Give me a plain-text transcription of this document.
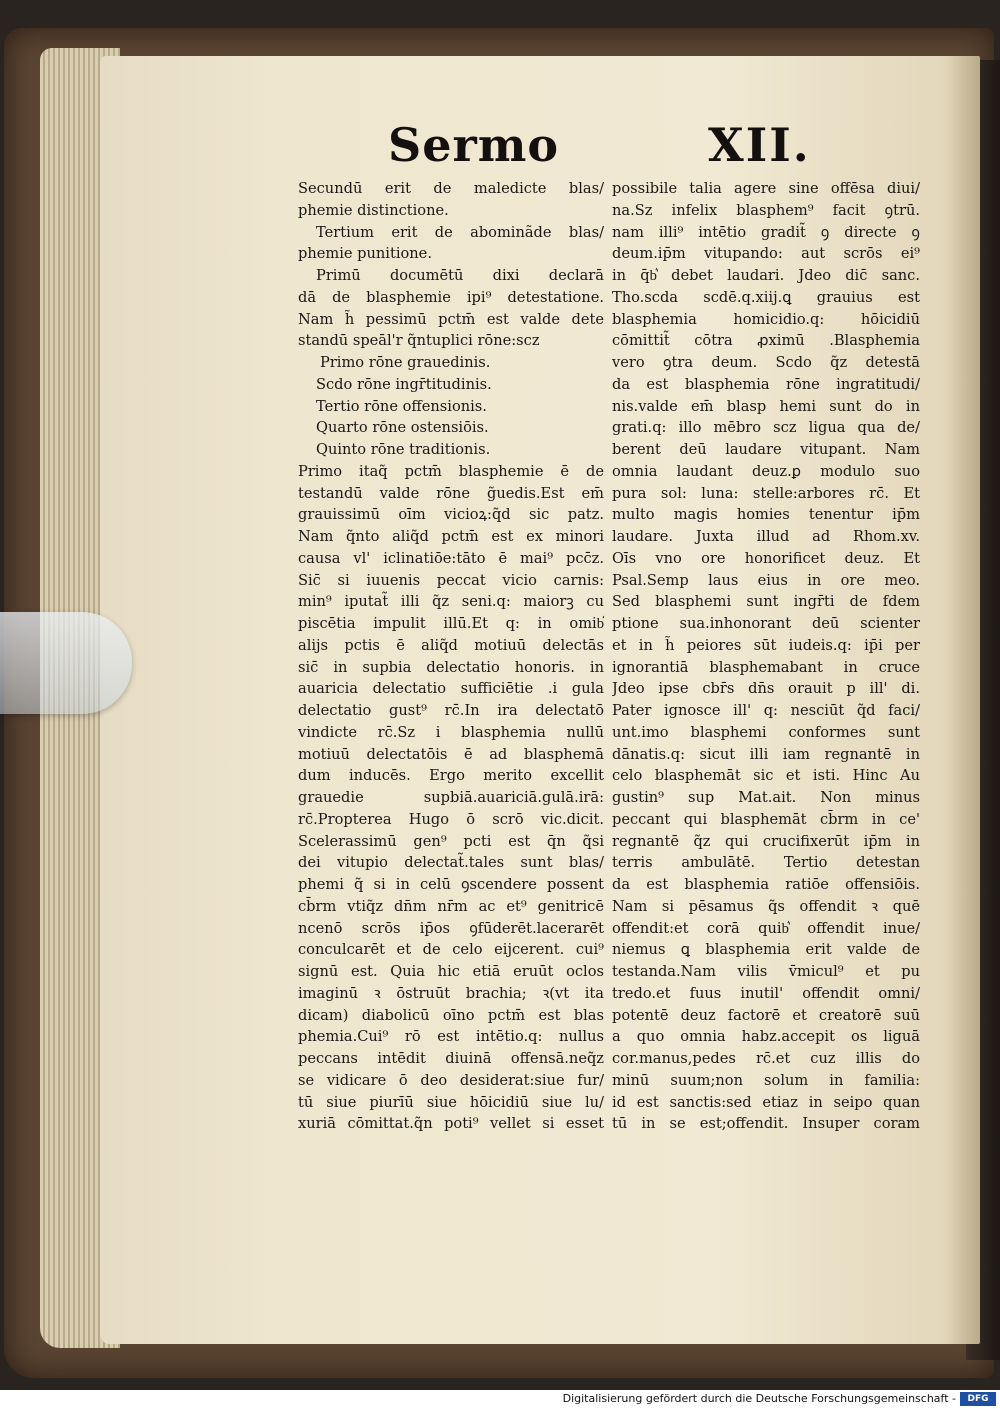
Sermo	XII.
Secundū erit de maledicte blas/
phemie distinctione.
Tertium erit de abominãde blas/
phemie punitione.
Primū documētū dixi declarā
dā de blasphemie ipi⁹ detestatione.
Nam h̃ pessimū pctm̄ est valde dete
standū speāl'r q̃ntuplici rōne:scz
Primo rōne grauedinis.
Scdo rōne ingr̄titudinis.
Tertio rōne offensionis.
Quarto rōne ostensiōis.
Quinto rōne traditionis.
Primo itaq̃ pctm̄ blasphemie ē de
testandū valde rōne g̃uedis.Est em̄
grauissimū oīm vicioꝝ:q̃d sic patz.
Nam q̃nto aliq̃d pctm̄ est ex minori
causa vl' iclinatiōe:tāto ē mai⁹ pcc̄z.
Sic̄ si iuuenis peccat vicio carnis:
min⁹ iputat̃ illi q̃z seni.q: maiorꝫ cu
piscētia impulit illū.Et q: in omib͛
alijs pctis ē aliq̃d motiuū delectās
sic̄ in supbia delectatio honoris. in
auaricia delectatio sufficiētie .i gula
delectatio gust⁹ rc̄.In ira delectatō
vindicte rc̄.Sz i blasphemia nullū
motiuū delectatōis ē ad blasphemā
dum inducēs. Ergo merito excellit
grauedie supbiā.auariciā.gulā.irā:
rc̄.Propterea Hugo ō scrō vic.dicit.
Scelerassimū gen⁹ pcti est q̄n q̃si
dei vitupio delectat̃.tales sunt blas/
phemi q̃ si in celū ꝯscendere possent
cb̄rm vtiq̃z dn̄m nr̄m ac et⁹ genitricē
ncenō scrōs ip̄os ꝯfūderēt.lacerarēt
conculcarēt et de celo eijcerent. cui⁹
signū est. Quia hic etiā eruūt oclos
imaginū ꝛ ōstruūt brachia; ꝛ(vt ita
dicam) diabolicū oīno pctm̄ est blas
phemia.Cui⁹ rō est intētio.q: nullus
peccans intēdit diuinā offensā.neq̃z
se vidicare ō deo desiderat:siue fur/
tū siue piurīū siue hōicidiū siue lu/
xuriā cōmittat.q̃n poti⁹ vellet si esset
possibile talia agere sine offēsa diui/
na.Sz infelix blasphem⁹ facit ꝯtrū.
nam illi⁹ intētio gradit̃ ꝯ directe ꝯ
deum.ip̄m vitupando: aut scrōs ei⁹
in q̄b͛ debet laudari. Jdeo dic̄ sanc.
Tho.scda scdē.q.xiij.ꝗ grauius est
blasphemia homicidio.q: hōicidiū
cōmittit̃ cōtra ꝓximū .Blasphemia
vero ꝯtra deum. Scdo q̃z detestā
da est blasphemia rōne ingratitudi/
nis.valde em̄ blasp hemi sunt do in
grati.q: illo mēbro scz ligua qua de/
berent deū laudare vitupant. Nam
omnia laudant deuz.ꝑ modulo suo
pura sol: luna: stelle:arbores rc̄. Et
multo magis homies tenentur ip̄m
laudare. Juxta illud ad Rhom.xv.
Oīs vno ore honorificet deuz. Et
Psal.Semp laus eius in ore meo.
Sed blasphemi sunt ingr̄ti de fdem
ptione sua.inhonorant deū scienter
et in h̃ peiores sūt iudeis.q: ip̄i per
ignorantiā blasphemabant in cruce
Jdeo ipse cbr̄s dn̄s orauit p ill' di.
Pater ignosce ill' q: nesciūt q̃d faci/
unt.imo blasphemi conformes sunt
dānatis.q: sicut illi iam regnantē in
celo blasphemāt sic et isti. Hinc Au
gustin⁹ sup Mat.ait. Non minus
peccant qui blasphemāt cb̄rm in ce'
regnantē q̃z qui crucifixerūt ip̄m in
terris ambulātē. Tertio detestan
da est blasphemia ratiōe offensiōis.
Nam si pēsamus q̃s offendit ꝛ quē
offendit:et corā quib͛ offendit inue/
niemus ꝗ blasphemia erit valde de
testanda.Nam vilis v̄micul⁹ et pu
tredo.et fuus inutil' offendit omni/
potentē deuz factorē et creatorē suū
a quo omnia habz.accepit os liguā
cor.manus,pedes rc̄.et cuz illis do
minū suum;non solum in familia:
id est sanctis:sed etiaz in seipo quan
tū in se est;offendit. Insuper coram
Digitalisierung gefördert durch die Deutsche Forschungsgemeinschaft -	DFG
